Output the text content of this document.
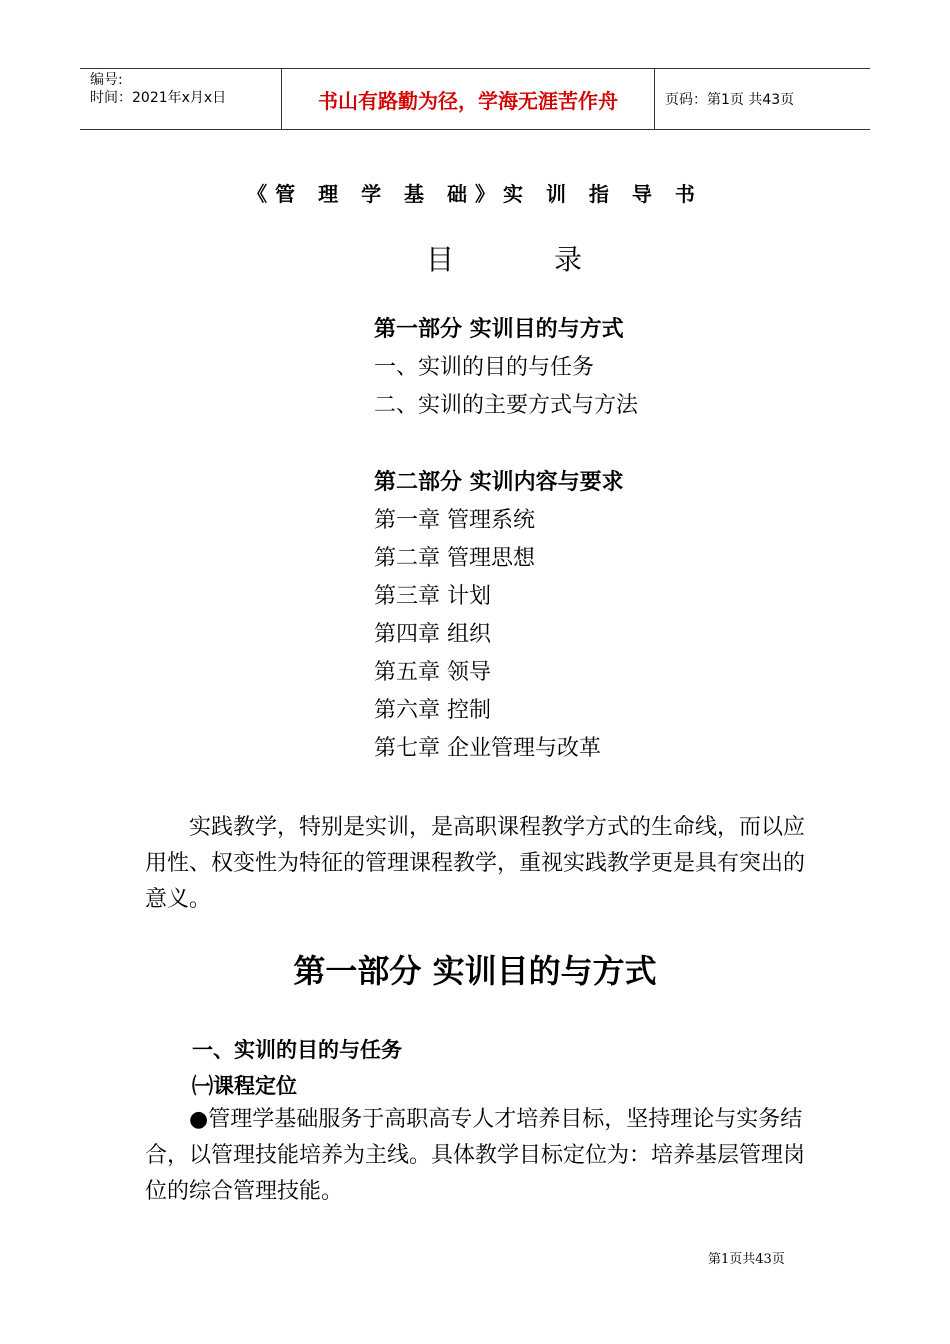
编号:
时间：2021年x月x日	书山有路勤为径，学海无涯苦作舟	页码：第1页 共43页
《管 理 学 基 础》实 训 指 导 书
目录
第一部分 实训目的与方式
一、实训的目的与任务
二、实训的主要方式与方法
第二部分 实训内容与要求
第一章 管理系统
第二章 管理思想
第三章 计划
第四章 组织
第五章 领导
第六章 控制
第七章 企业管理与改革
实践教学，特别是实训，是高职课程教学方式的生命线，而以应用性、权变性为特征的管理课程教学，重视实践教学更是具有突出的意义。
第一部分 实训目的与方式
一、实训的目的与任务
㈠课程定位
●管理学基础服务于高职高专人才培养目标，坚持理论与实务结合，以管理技能培养为主线。具体教学目标定位为：培养基层管理岗位的综合管理技能。
第1页共43页
